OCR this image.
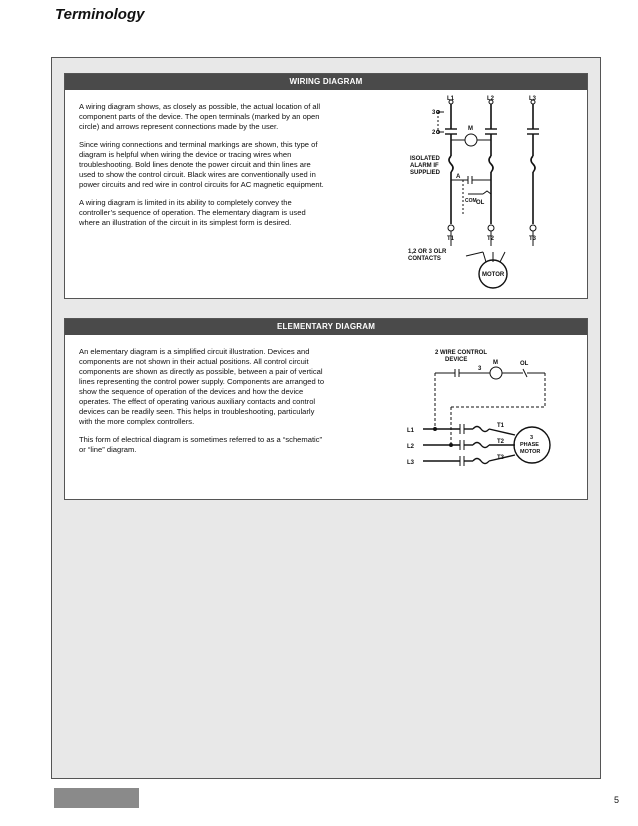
Terminology
WIRING DIAGRAM

A wiring diagram shows, as closely as possible, the actual location of all component parts of the device. The open terminals (marked by an open circle) and arrows represent connections made by the user.

Since wiring connections and terminal markings are shown, this type of diagram is helpful when wiring the device or tracing wires when troubleshooting. Bold lines denote the power circuit and thin lines are used to show the control circuit. Black wires are conventionally used in power circuits and red wire in control circuits for AC magnetic equipment.

A wiring diagram is limited in its ability to completely convey the controller’s sequence of operation. The elementary diagram is used where an illustration of the circuit in its simplest form is desired.

L1	L2	L3
3
2
M
ISOLATED
ALARM IF
SUPPLIED
A
COM OL
T1	T2	T3
1,2 OR 3 OLR
CONTACTS
MOTOR
ELEMENTARY DIAGRAM

An elementary diagram is a simplified circuit illustration. Devices and components are not shown in their actual positions. All control circuit components are shown as directly as possible, between a pair of vertical lines representing the control power supply. Components are arranged to show the sequence of operation of the devices and how the device operates. The effect of operating various auxiliary contacts and control devices can be readily seen. This helps in troubleshooting, particularly with the more complex controllers.

This form of electrical diagram is sometimes referred to as a “schematic” or “line” diagram.

2 WIRE CONTROL
DEVICE
3
M	OL
L1
L2
L3
T1
T2
T3
3
PHASE
MOTOR
5
